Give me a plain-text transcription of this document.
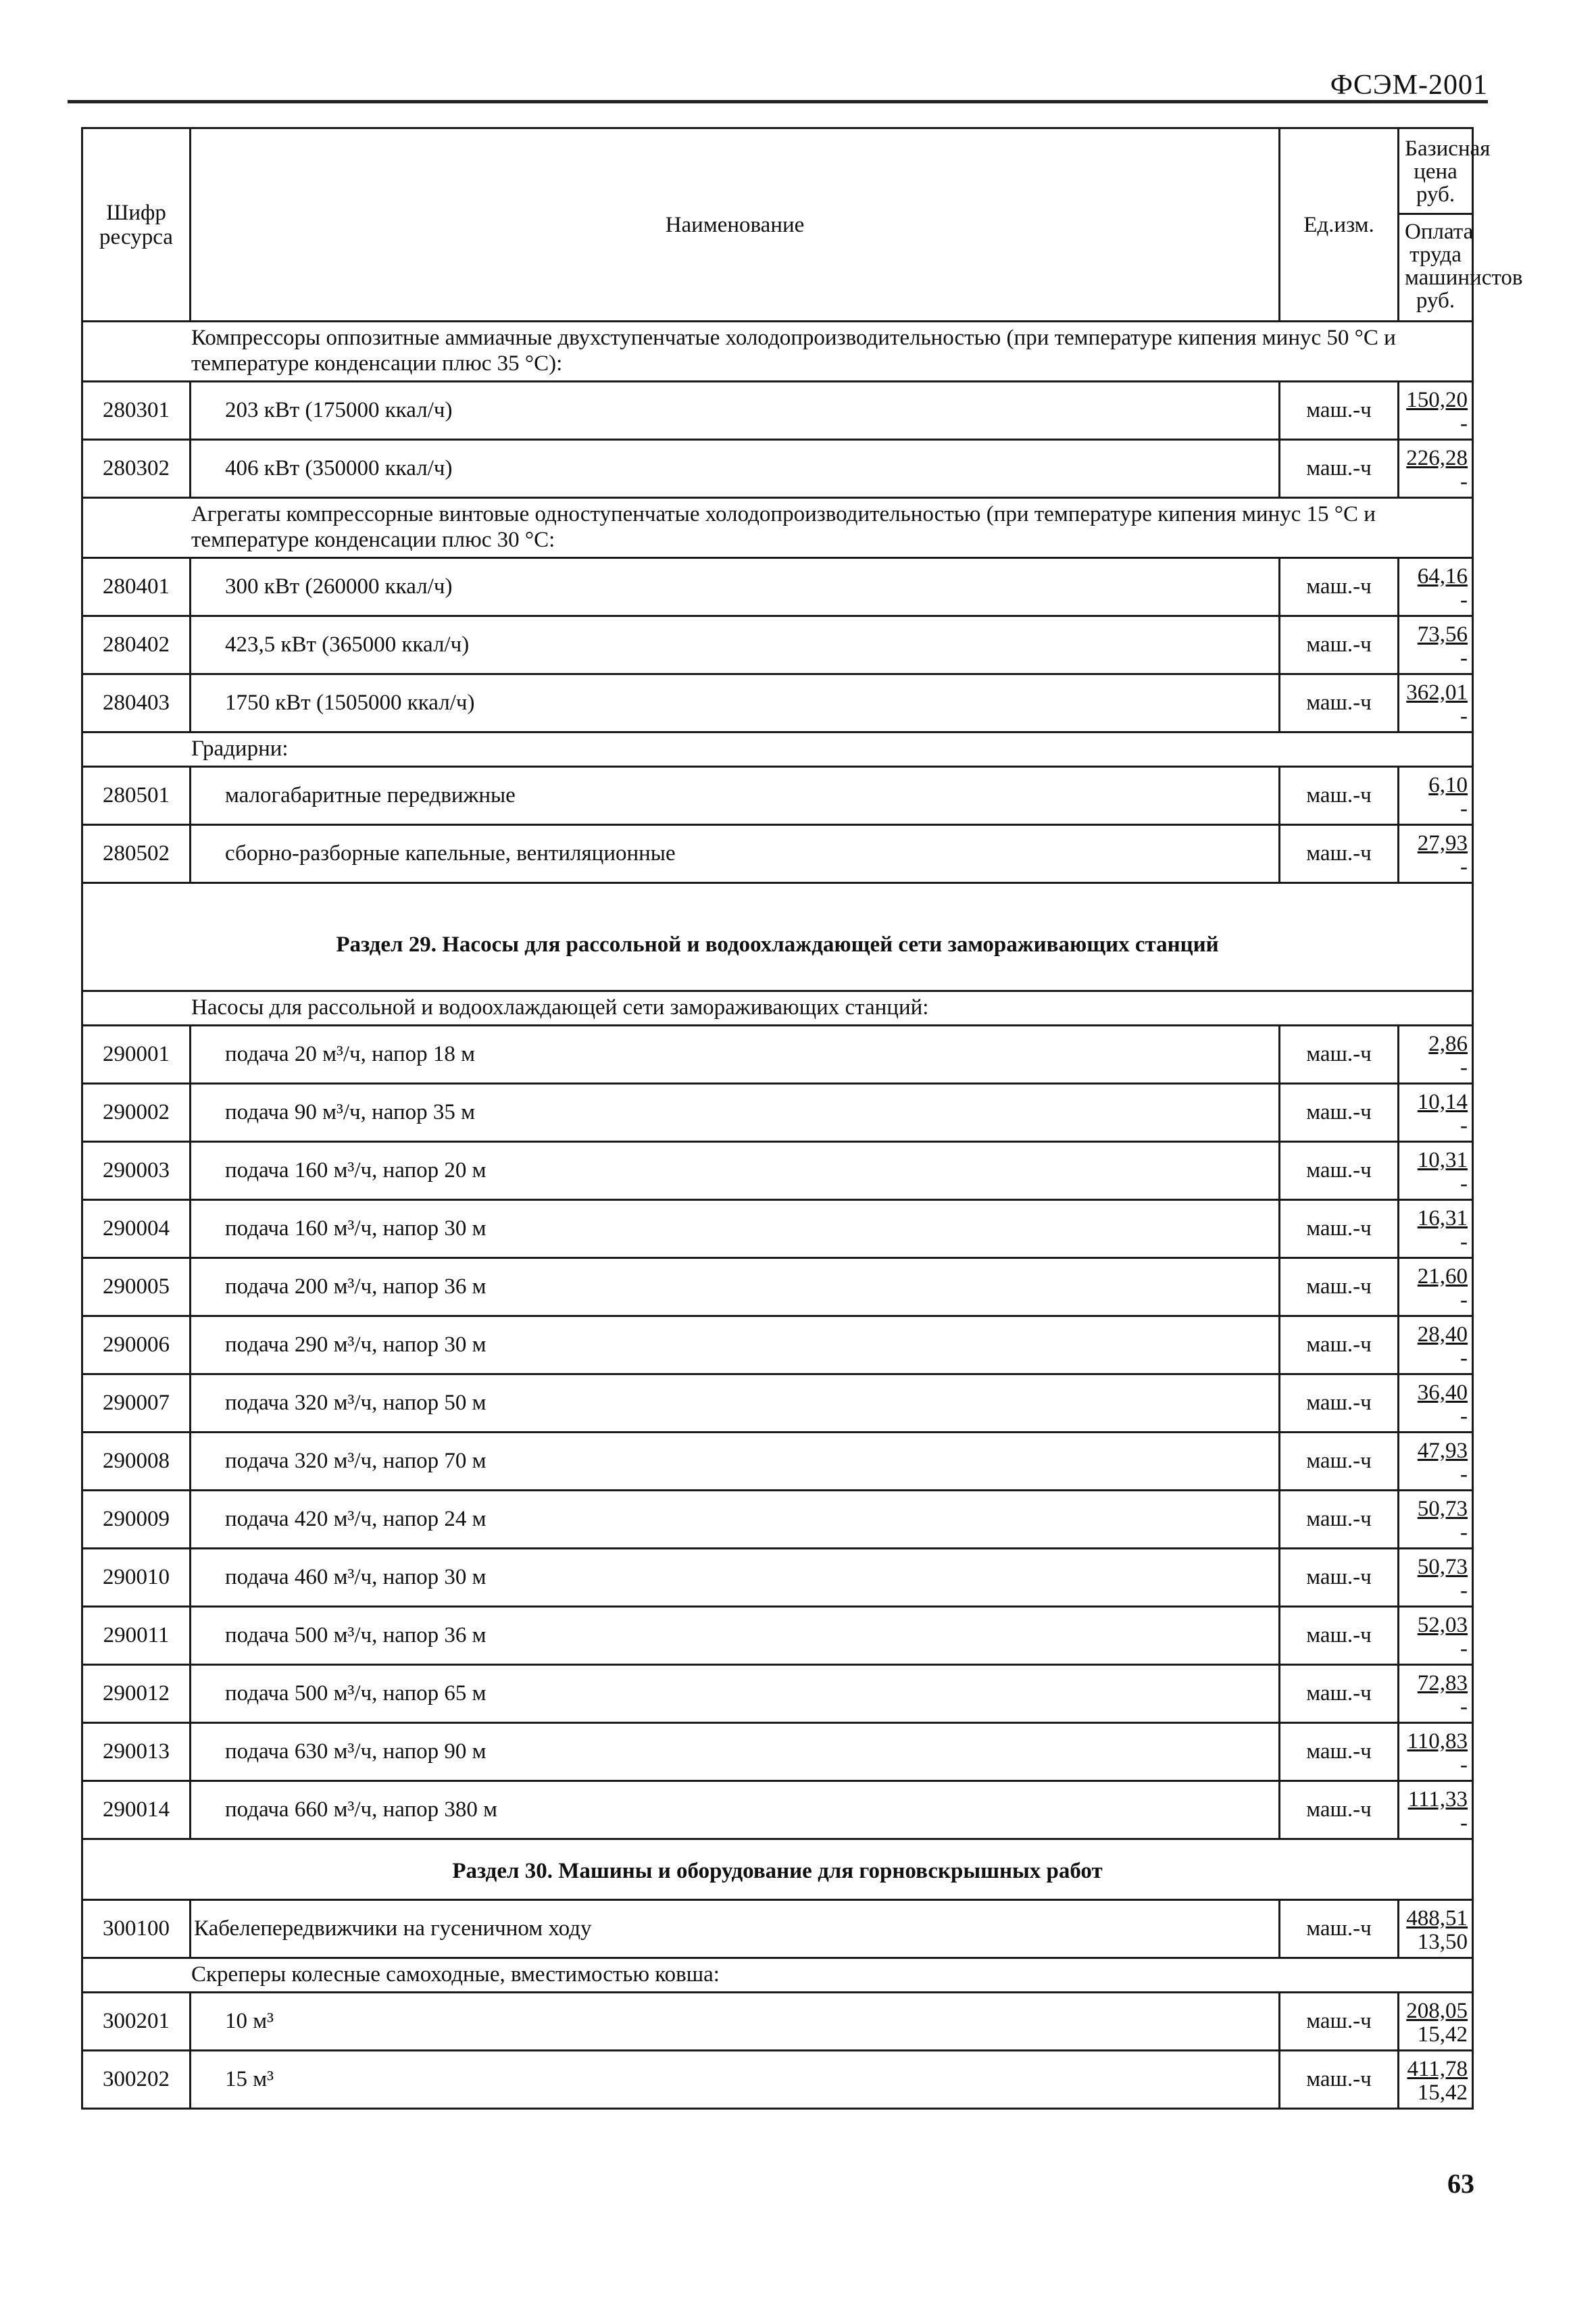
ФСЭМ-2001
Шифр ресурса	Наименование	Ед.изм.	Базисная цена руб.
Оплата труда машинистов руб.

Компрессоры оппозитные аммиачные двухступенчатые холодопроизводительностью (при температуре кипения минус 50 °С и температуре конденсации плюс 35 °С):			
280301	203 кВт (175000 ккал/ч)	маш.-ч	150,20
-

280302	406 кВт (350000 ккал/ч)	маш.-ч	226,28
-

Агрегаты компрессорные винтовые одноступенчатые холодопроизводительностью (при температуре кипения минус 15 °С и температуре конденсации плюс 30 °С:			
280401	300 кВт (260000 ккал/ч)	маш.-ч	64,16
-

280402	423,5 кВт (365000 ккал/ч)	маш.-ч	73,56
-

280403	1750 кВт (1505000 ккал/ч)	маш.-ч	362,01
-

Градирни:			
280501	малогабаритные передвижные	маш.-ч	6,10
-

280502	сборно-разборные капельные, вентиляционные	маш.-ч	27,93
-

Раздел 29. Насосы для рассольной и водоохлаждающей сети замораживающих станций			
Насосы для рассольной и водоохлаждающей сети замораживающих станций:			
290001	подача 20 м³/ч, напор 18 м	маш.-ч	2,86
-

290002	подача 90 м³/ч, напор 35 м	маш.-ч	10,14
-

290003	подача 160 м³/ч, напор 20 м	маш.-ч	10,31
-

290004	подача 160 м³/ч, напор 30 м	маш.-ч	16,31
-

290005	подача 200 м³/ч, напор 36 м	маш.-ч	21,60
-

290006	подача 290 м³/ч, напор 30 м	маш.-ч	28,40
-

290007	подача 320 м³/ч, напор 50 м	маш.-ч	36,40
-

290008	подача 320 м³/ч, напор 70 м	маш.-ч	47,93
-

290009	подача 420 м³/ч, напор 24 м	маш.-ч	50,73
-

290010	подача 460 м³/ч, напор 30 м	маш.-ч	50,73
-

290011	подача 500 м³/ч, напор 36 м	маш.-ч	52,03
-

290012	подача 500 м³/ч, напор 65 м	маш.-ч	72,83
-

290013	подача 630 м³/ч, напор 90 м	маш.-ч	110,83
-

290014	подача 660 м³/ч, напор 380 м	маш.-ч	111,33
-

Раздел 30. Машины и оборудование для горновскрышных работ			
300100	Кабелепередвижчики на гусеничном ходу	маш.-ч	488,51
13,50

Скреперы колесные самоходные, вместимостью ковша:			
300201	10 м³	маш.-ч	208,05
15,42

300202	15 м³	маш.-ч	411,78
15,42
63
